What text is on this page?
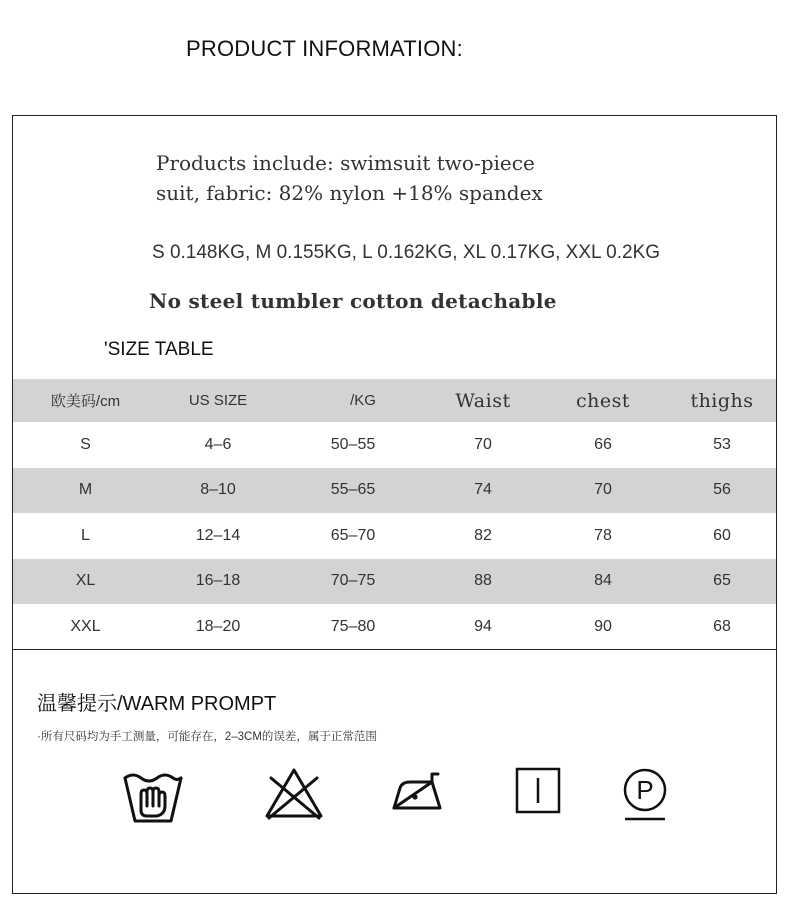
PRODUCT INFORMATION:
Products include: swimsuit two-piece
suit, fabric: 82% nylon +18% spandex
S 0.148KG, M 0.155KG, L 0.162KG, XL 0.17KG, XXL 0.2KG
No steel tumbler cotton detachable
'SIZE TABLE
欧美码/cm	US SIZE	/KG	Waist	chest	thighs
S	4–6	50–55	70	66	53
M	8–10	55–65	74	70	56
L	12–14	65–70	82	78	60
XL	16–18	70–75	88	84	65
XXL	18–20	75–80	94	90	68
温馨提示/WARM PROMPT
·所有尺码均为手工测量，可能存在，2–3CM的误差，属于正常范围
P
